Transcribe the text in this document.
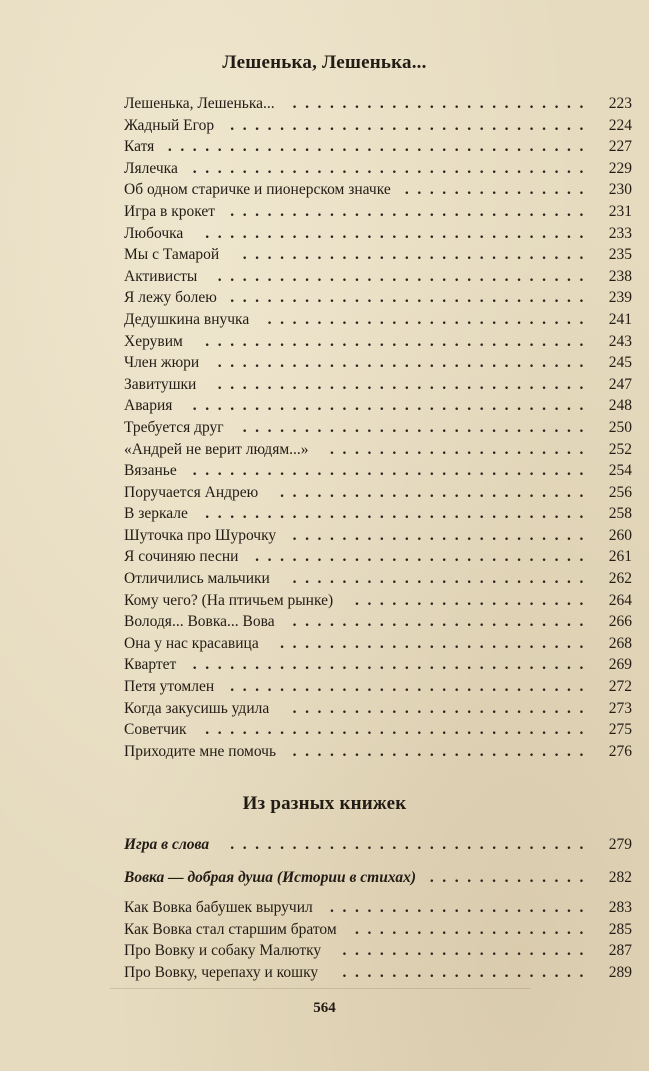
Лешенька, Лешенька...
........................
Лешенька, Лешенька...	223
.............................
Жадный Егор	224
..................................
Катя	227
................................
Лялечка	229
...............
Об одном старичке и пионерском значке	230
.............................
Игра в крокет	231
...............................
Любочка	233
............................
Мы с Тамарой	235
..............................
Активисты	238
.............................
Я лежу болею	239
..........................
Дедушкина внучка	241
...............................
Херувим	243
..............................
Член жюри	245
..............................
Завитушки	247
................................
Авария	248
............................
Требуется друг	250
.....................
«Андрей не верит людям...»	252
................................
Вязанье	254
.........................
Поручается Андрею	256
...............................
В зеркале	258
........................
Шуточка про Шурочку	260
...........................
Я сочиняю песни	261
........................
Отличились мальчики	262
...................
Кому чего? (На птичьем рынке)	264
........................
Володя... Вовка... Вова	266
.........................
Она у нас красавица	268
................................
Квартет	269
.............................
Петя утомлен	272
........................
Когда закусишь удила	273
...............................
Советчик	275
........................
Приходите мне помочь	276
Из разных книжек
.............................
Игра в слова	279
.............
Вовка — добрая душа (Истории в стихах)	282
.....................
Как Вовка бабушек выручил	283
...................
Как Вовка стал старшим братом	285
....................
Про Вовку и собаку Малютку	287
....................
Про Вовку, черепаху и кошку	289
564
